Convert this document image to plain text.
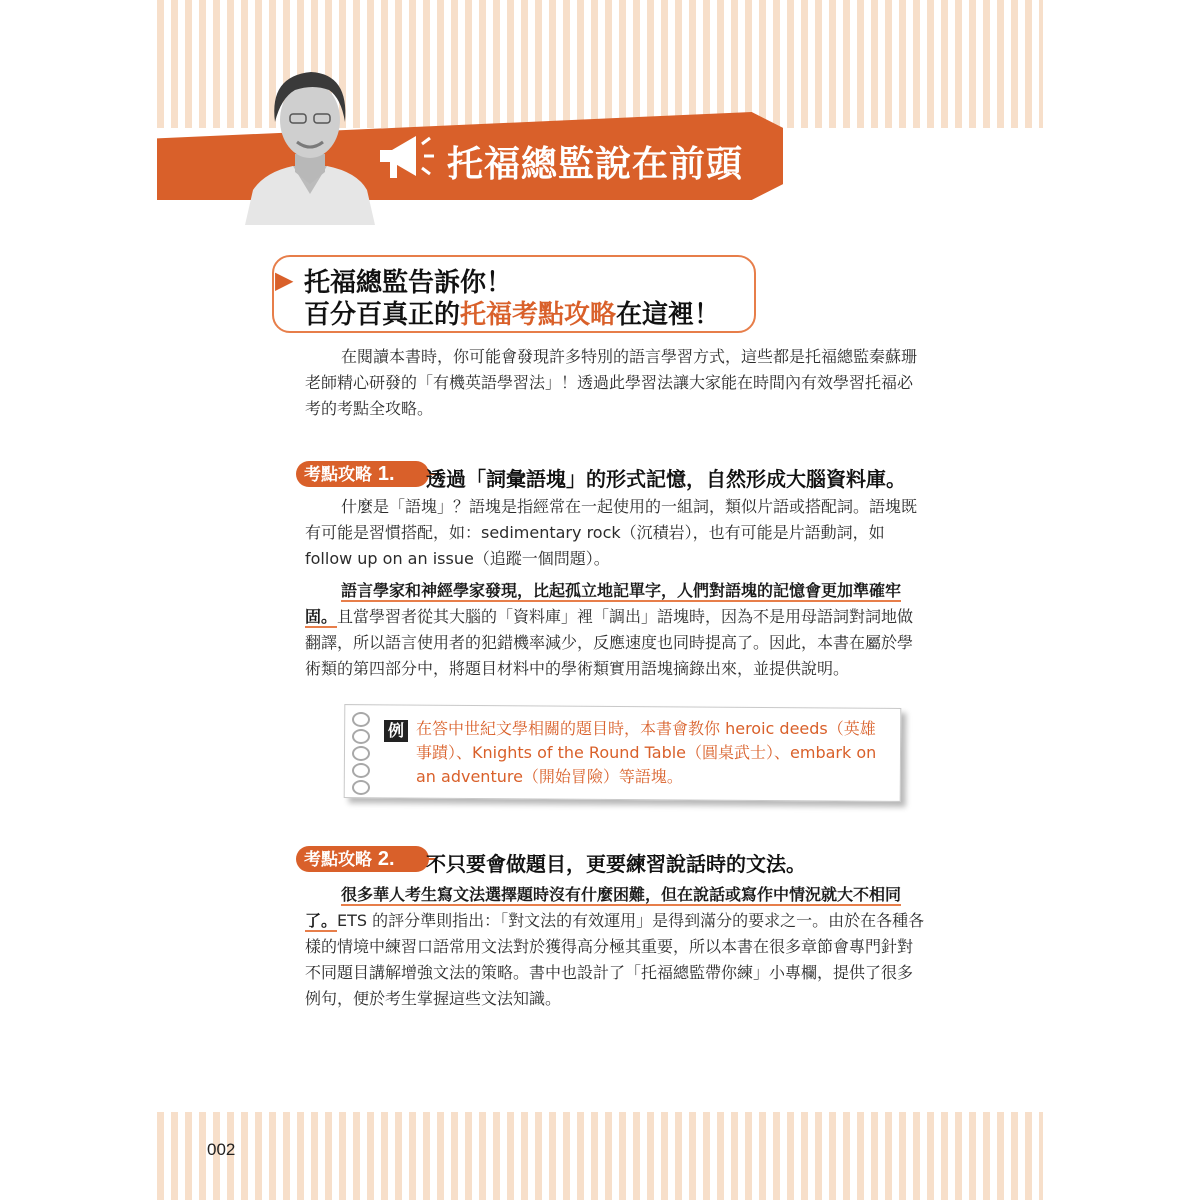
托福總監說在前頭
▶ 托福總監告訴你！
百分百真正的托福考點攻略在這裡！

在閱讀本書時，你可能會發現許多特別的語言學習方式，這些都是托福總監秦蘇珊老師精心研發的「有機英語學習法」！透過此學習法讓大家能在時間內有效學習托福必考的考點全攻略。

考點攻略 1.	透過「詞彙語塊」的形式記憶，自然形成大腦資料庫。

什麼是「語塊」？語塊是指經常在一起使用的一組詞，類似片語或搭配詞。語塊既有可能是習慣搭配，如：sedimentary rock（沉積岩），也有可能是片語動詞，如 follow up on an issue（追蹤一個問題）。

語言學家和神經學家發現，比起孤立地記單字，人們對語塊的記憶會更加準確牢固。且當學習者從其大腦的「資料庫」裡「調出」語塊時，因為不是用母語詞對詞地做翻譯，所以語言使用者的犯錯機率減少，反應速度也同時提高了。因此，本書在屬於學術類的第四部分中，將題目材料中的學術類實用語塊摘錄出來，並提供說明。

例 在答中世紀文學相關的題目時，本書會教你 heroic deeds（英雄事蹟）、Knights of the Round Table（圓桌武士）、embark on an adventure（開始冒險）等語塊。

考點攻略 2.	不只要會做題目，更要練習說話時的文法。

很多華人考生寫文法選擇題時沒有什麼困難，但在說話或寫作中情況就大不相同了。ETS 的評分準則指出：「對文法的有效運用」是得到滿分的要求之一。由於在各種各樣的情境中練習口語常用文法對於獲得高分極其重要，所以本書在很多章節會專門針對不同題目講解增強文法的策略。書中也設計了「托福總監帶你練」小專欄，提供了很多例句，便於考生掌握這些文法知識。

002
